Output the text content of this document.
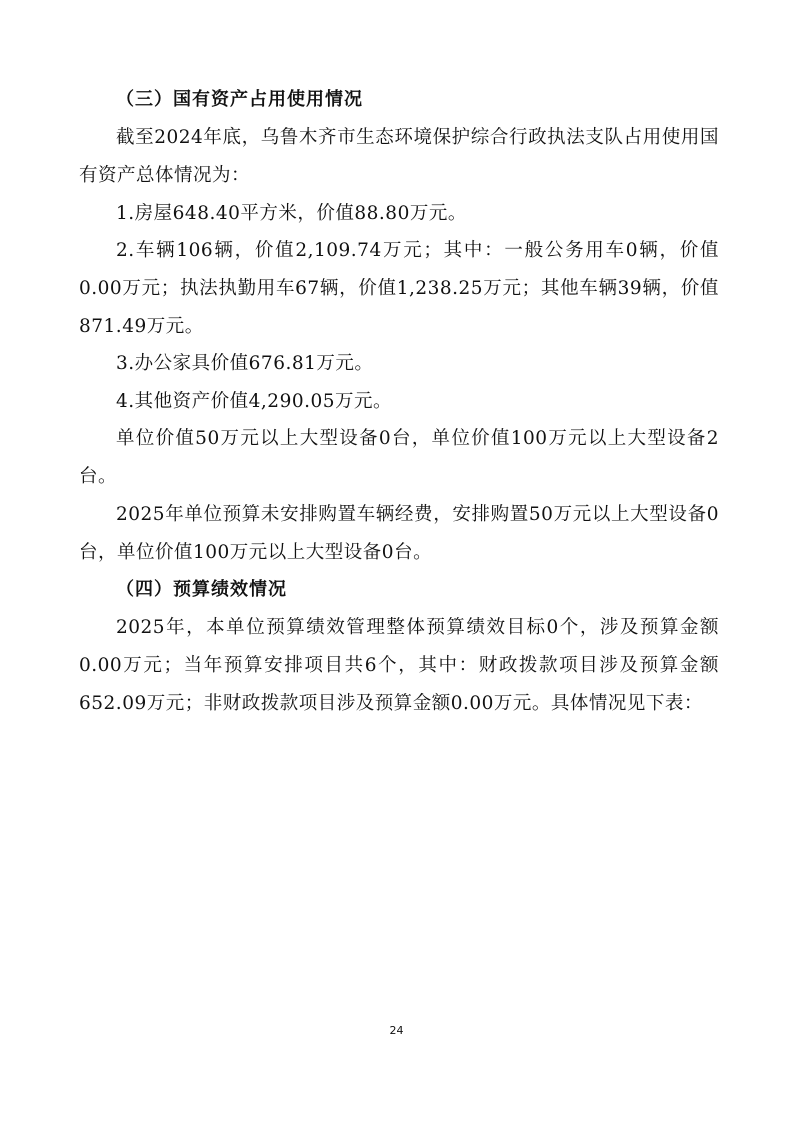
（三）国有资产占用使用情况

截至2024年底，乌鲁木齐市生态环境保护综合行政执法支队占用使用国有资产总体情况为：

1.房屋648.40平方米，价值88.80万元。

2.车辆106辆，价值2,109.74万元；其中：一般公务用车0辆，价值0.00万元；执法执勤用车67辆，价值1,238.25万元；其他车辆39辆，价值871.49万元。

3.办公家具价值676.81万元。

4.其他资产价值4,290.05万元。

单位价值50万元以上大型设备0台，单位价值100万元以上大型设备2台。

2025年单位预算未安排购置车辆经费，安排购置50万元以上大型设备0台，单位价值100万元以上大型设备0台。

（四）预算绩效情况

2025年，本单位预算绩效管理整体预算绩效目标0个，涉及预算金额0.00万元；当年预算安排项目共6个，其中：财政拨款项目涉及预算金额652.09万元；非财政拨款项目涉及预算金额0.00万元。具体情况见下表：

24
